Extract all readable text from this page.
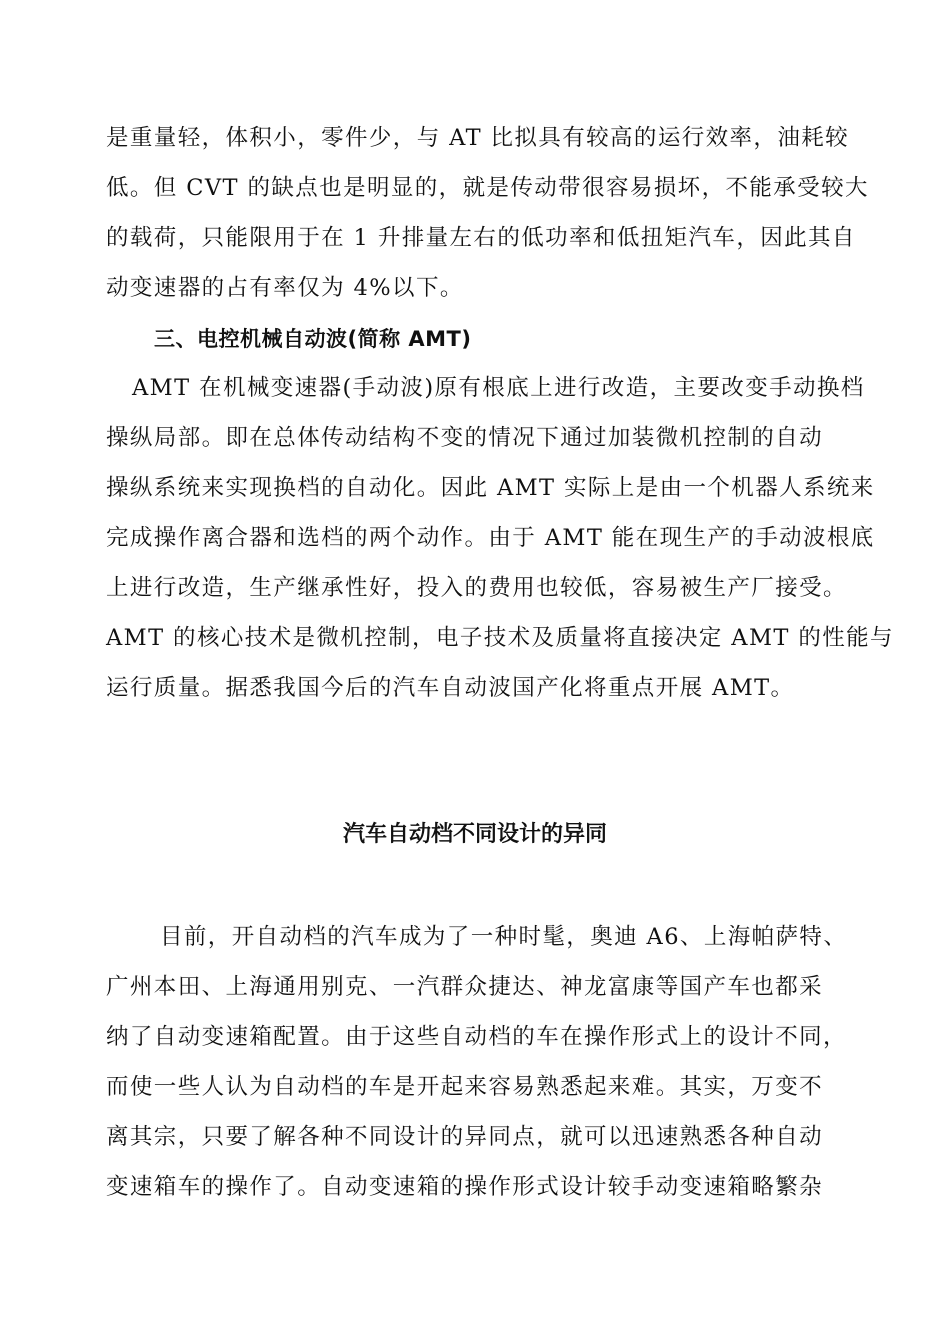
是重量轻，体积小，零件少，与 AT 比拟具有较高的运行效率，油耗较
低。但 CVT 的缺点也是明显的，就是传动带很容易损坏，不能承受较大
的载荷，只能限用于在 1 升排量左右的低功率和低扭矩汽车，因此其自
动变速器的占有率仅为 4%以下。
三、电控机械自动波(简称 AMT)
AMT 在机械变速器(手动波)原有根底上进行改造，主要改变手动换档
操纵局部。即在总体传动结构不变的情况下通过加装微机控制的自动
操纵系统来实现换档的自动化。因此 AMT 实际上是由一个机器人系统来
完成操作离合器和选档的两个动作。由于 AMT 能在现生产的手动波根底
上进行改造，生产继承性好，投入的费用也较低，容易被生产厂接受。
AMT 的核心技术是微机控制，电子技术及质量将直接决定 AMT 的性能与
运行质量。据悉我国今后的汽车自动波国产化将重点开展 AMT。
汽车自动档不同设计的异同
目前，开自动档的汽车成为了一种时髦，奥迪 A6、上海帕萨特、
广州本田、上海通用别克、一汽群众捷达、神龙富康等国产车也都采
纳了自动变速箱配置。由于这些自动档的车在操作形式上的设计不同，
而使一些人认为自动档的车是开起来容易熟悉起来难。其实，万变不
离其宗，只要了解各种不同设计的异同点，就可以迅速熟悉各种自动
变速箱车的操作了。自动变速箱的操作形式设计较手动变速箱略繁杂
